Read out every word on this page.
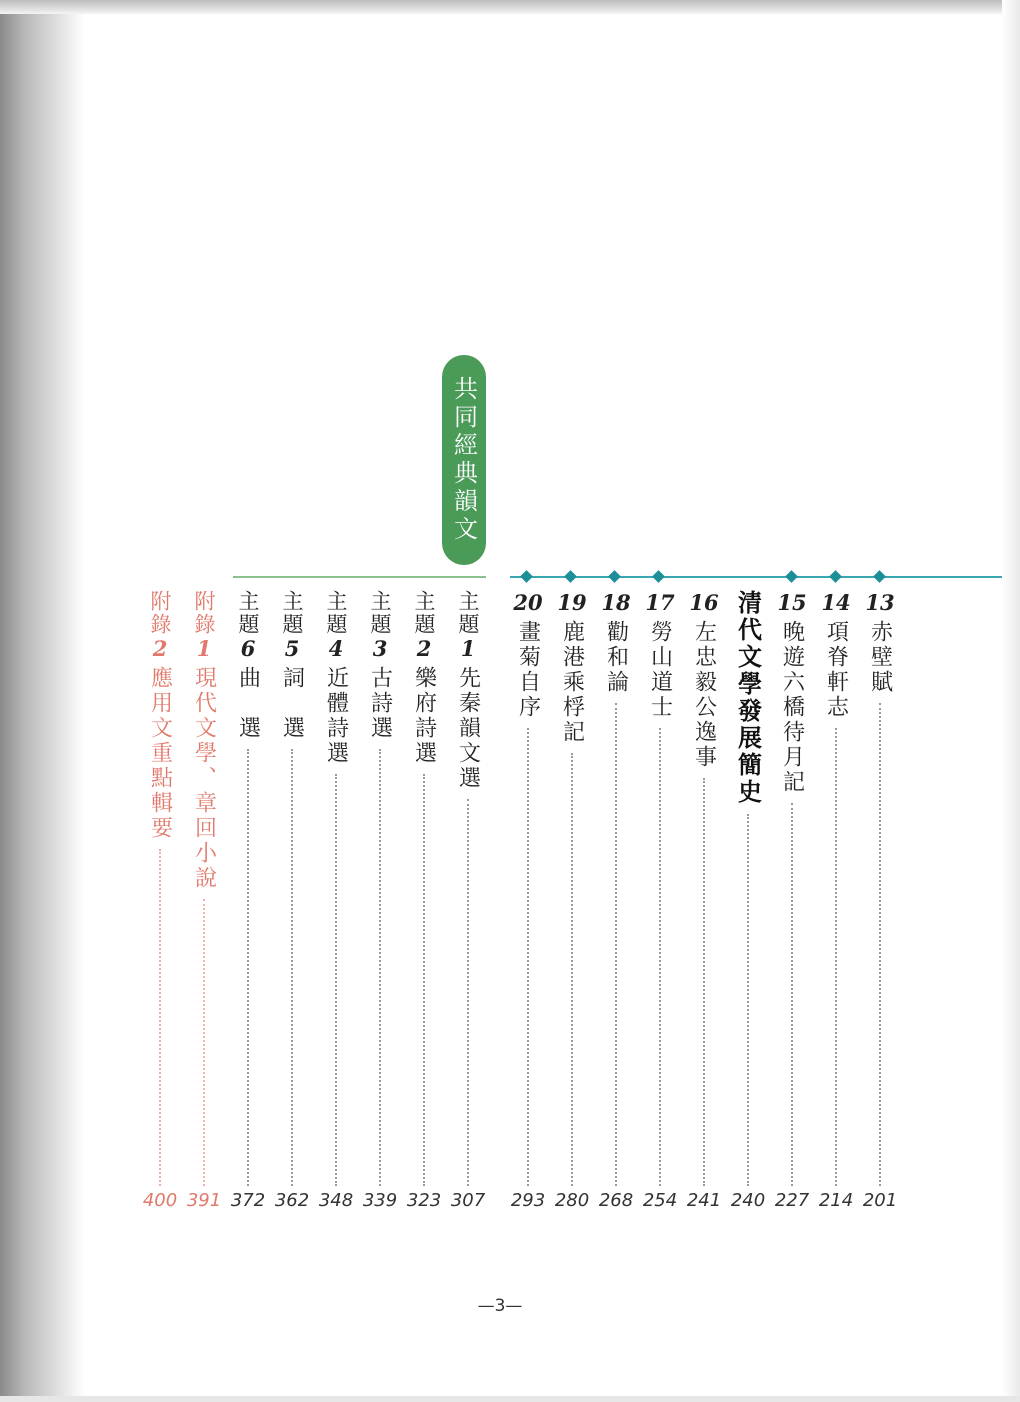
共同經典韻文
13
赤壁賦
14
項脊軒志
15
晚遊六橋待月記
清代文學發展簡史
16
左忠毅公逸事
17
勞山道士
18
勸和論
19
鹿港乘桴記
20
畫菊自序
主題
1
先秦韻文選
主題
2
樂府詩選
主題
3
古詩選
主題
4
近體詩選
主題
5
詞　選
主題
6
曲　選
附錄
1
現代文學、章回小說
附錄
2
應用文重點輯要
201
214
227
240
241
254
268
280
293
307
323
339
348
362
372
391
400
—3—
